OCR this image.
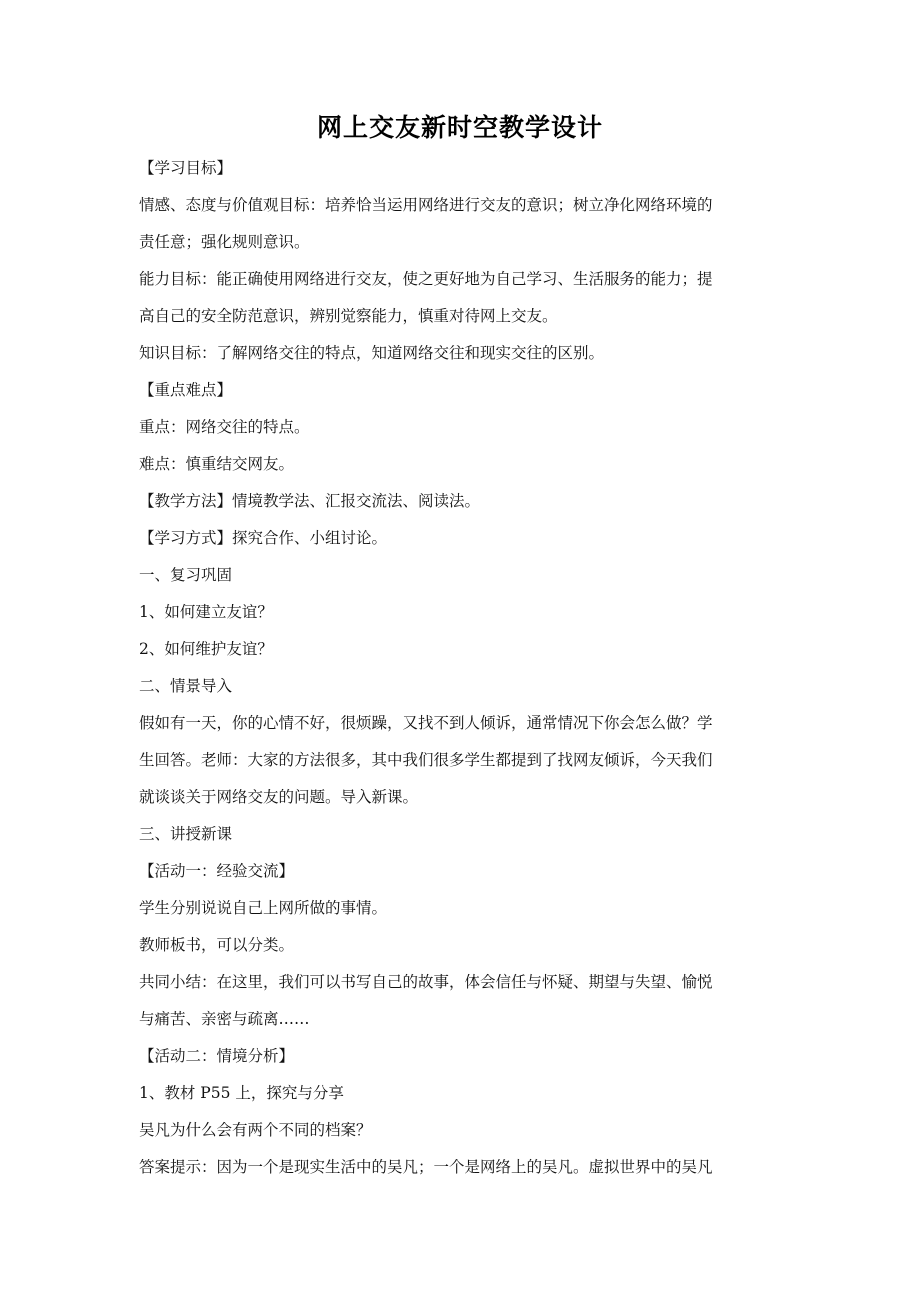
网上交友新时空教学设计
【学习目标】
情感、态度与价值观目标：培养恰当运用网络进行交友的意识；树立净化网络环境的
责任意；强化规则意识。
能力目标：能正确使用网络进行交友，使之更好地为自己学习、生活服务的能力；提
高自己的安全防范意识，辨别觉察能力，慎重对待网上交友。
知识目标：了解网络交往的特点，知道网络交往和现实交往的区别。
【重点难点】
重点：网络交往的特点。
难点：慎重结交网友。
【教学方法】情境教学法、汇报交流法、阅读法。
【学习方式】探究合作、小组讨论。
一、复习巩固
1、如何建立友谊？
2、如何维护友谊？
二、情景导入
假如有一天，你的心情不好，很烦躁，又找不到人倾诉，通常情况下你会怎么做？学
生回答。老师：大家的方法很多，其中我们很多学生都提到了找网友倾诉，今天我们
就谈谈关于网络交友的问题。导入新课。
三、讲授新课
【活动一：经验交流】
学生分别说说自己上网所做的事情。
教师板书，可以分类。
共同小结：在这里，我们可以书写自己的故事，体会信任与怀疑、期望与失望、愉悦
与痛苦、亲密与疏离……
【活动二：情境分析】
1、教材 P55 上，探究与分享
吴凡为什么会有两个不同的档案？
答案提示：因为一个是现实生活中的吴凡；一个是网络上的吴凡。虚拟世界中的吴凡
